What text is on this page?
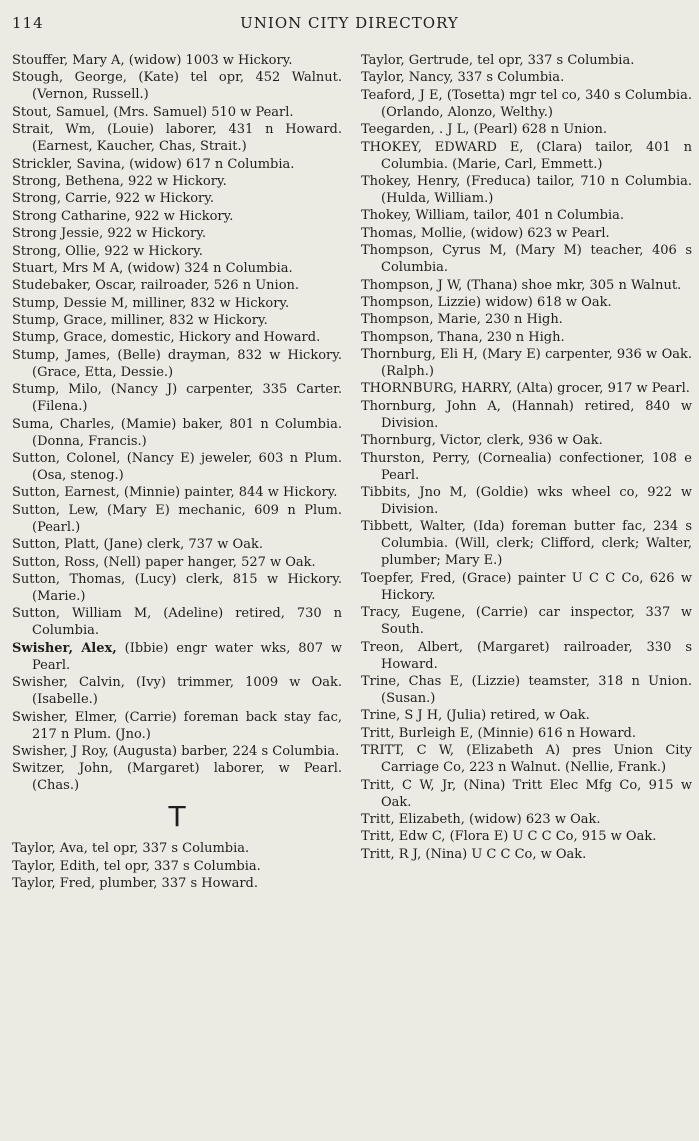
114	UNION CITY DIRECTORY

Stouffer, Mary A, (widow) 1003 w Hickory.

Stough, George, (Kate) tel opr, 452 Walnut. (Vernon, Russell.)

Stout, Samuel, (Mrs. Samuel) 510 w Pearl.

Strait, Wm, (Louie) laborer, 431 n Howard. (Earnest, Kaucher, Chas, Strait.)

Strickler, Savina, (widow) 617 n Columbia.

Strong, Bethena, 922 w Hickory.

Strong, Carrie, 922 w Hickory.

Strong Catharine, 922 w Hickory.

Strong Jessie, 922 w Hickory.

Strong, Ollie, 922 w Hickory.

Stuart, Mrs M A, (widow) 324 n Columbia.

Studebaker, Oscar, railroader, 526 n Union.

Stump, Dessie M, milliner, 832 w Hickory.

Stump, Grace, milliner, 832 w Hickory.

Stump, Grace, domestic, Hickory and Howard.

Stump, James, (Belle) drayman, 832 w Hickory. (Grace, Etta, Dessie.)

Stump, Milo, (Nancy J) carpenter, 335 Carter. (Filena.)

Suma, Charles, (Mamie) baker, 801 n Columbia. (Donna, Francis.)

Sutton, Colonel, (Nancy E) jeweler, 603 n Plum. (Osa, stenog.)

Sutton, Earnest, (Minnie) painter, 844 w Hickory.

Sutton, Lew, (Mary E) mechanic, 609 n Plum. (Pearl.)

Sutton, Platt, (Jane) clerk, 737 w Oak.

Sutton, Ross, (Nell) paper hanger, 527 w Oak.

Sutton, Thomas, (Lucy) clerk, 815 w Hickory. (Marie.)

Sutton, William M, (Adeline) retired, 730 n Columbia.

Swisher, Alex, (Ibbie) engr water wks, 807 w Pearl.

Swisher, Calvin, (Ivy) trimmer, 1009 w Oak. (Isabelle.)

Swisher, Elmer, (Carrie) foreman back stay fac, 217 n Plum. (Jno.)

Swisher, J Roy, (Augusta) barber, 224 s Columbia.

Switzer, John, (Margaret) laborer, w Pearl. (Chas.)

T

Taylor, Ava, tel opr, 337 s Columbia.

Taylor, Edith, tel opr, 337 s Columbia.

Taylor, Fred, plumber, 337 s Howard.

Taylor, Gertrude, tel opr, 337 s Columbia.

Taylor, Nancy, 337 s Columbia.

Teaford, J E, (Tosetta) mgr tel co, 340 s Columbia. (Orlando, Alonzo, Welthy.)

Teegarden, . J L, (Pearl) 628 n Union.

THOKEY, EDWARD E, (Clara) tailor, 401 n Columbia. (Marie, Carl, Emmett.)

Thokey, Henry, (Freduca) tailor, 710 n Columbia. (Hulda, William.)

Thokey, William, tailor, 401 n Columbia.

Thomas, Mollie, (widow) 623 w Pearl.

Thompson, Cyrus M, (Mary M) teacher, 406 s Columbia.

Thompson, J W, (Thana) shoe mkr, 305 n Walnut.

Thompson, Lizzie) widow) 618 w Oak.

Thompson, Marie, 230 n High.

Thompson, Thana, 230 n High.

Thornburg, Eli H, (Mary E) carpenter, 936 w Oak. (Ralph.)

THORNBURG, HARRY, (Alta) grocer, 917 w Pearl.

Thornburg, John A, (Hannah) retired, 840 w Division.

Thornburg, Victor, clerk, 936 w Oak.

Thurston, Perry, (Cornealia) confectioner, 108 e Pearl.

Tibbits, Jno M, (Goldie) wks wheel co, 922 w Division.

Tibbett, Walter, (Ida) foreman butter fac, 234 s Columbia. (Will, clerk; Clifford, clerk; Walter, plumber; Mary E.)

Toepfer, Fred, (Grace) painter U C C Co, 626 w Hickory.

Tracy, Eugene, (Carrie) car inspector, 337 w South.

Treon, Albert, (Margaret) railroader, 330 s Howard.

Trine, Chas E, (Lizzie) teamster, 318 n Union. (Susan.)

Trine, S J H, (Julia) retired, w Oak.

Tritt, Burleigh E, (Minnie) 616 n Howard.

TRITT, C W, (Elizabeth A) pres Union City Carriage Co, 223 n Walnut. (Nellie, Frank.)

Tritt, C W, Jr, (Nina) Tritt Elec Mfg Co, 915 w Oak.

Tritt, Elizabeth, (widow) 623 w Oak.

Tritt, Edw C, (Flora E) U C C Co, 915 w Oak.

Tritt, R J, (Nina) U C C Co, w Oak.
